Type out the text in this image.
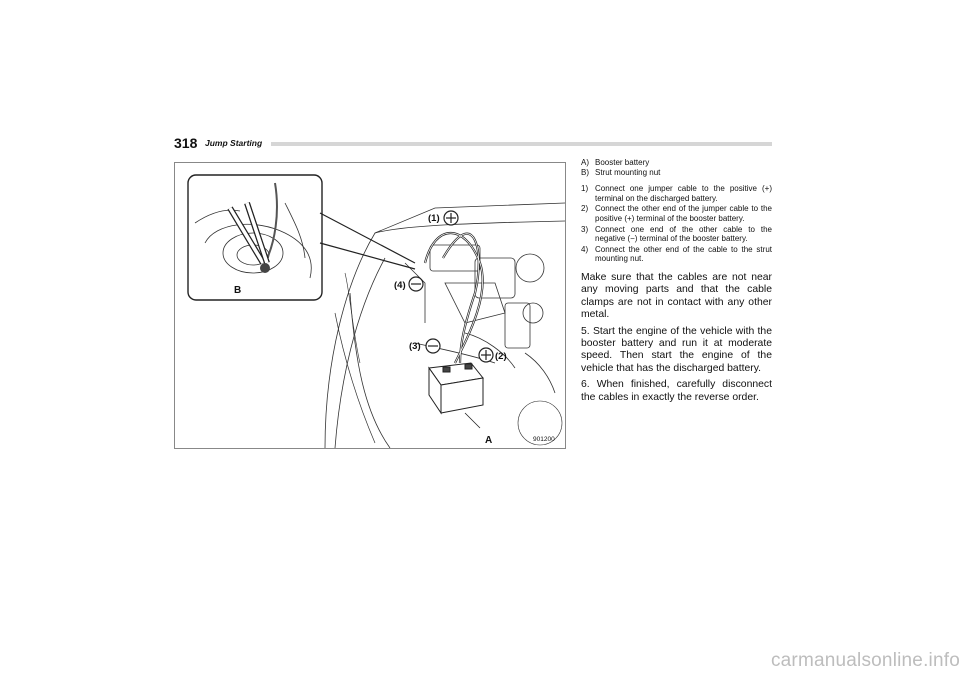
318 Jump Starting
(1)
(2)
(3)
(4)
A
B
901200
A) Booster battery
B) Strut mounting nut
1) Connect one jumper cable to the positive (+) terminal on the discharged battery.
2) Connect the other end of the jumper cable to the positive (+) terminal of the booster battery.
3) Connect one end of the other cable to the negative (−) terminal of the booster battery.
4) Connect the other end of the cable to the strut mounting nut.

Make sure that the cables are not near any moving parts and that the cable clamps are not in contact with any other metal.

5. Start the engine of the vehicle with the booster battery and run it at moderate speed. Then start the engine of the vehicle that has the discharged battery.

6. When finished, carefully disconnect the cables in exactly the reverse order.

carmanualsonline.info
